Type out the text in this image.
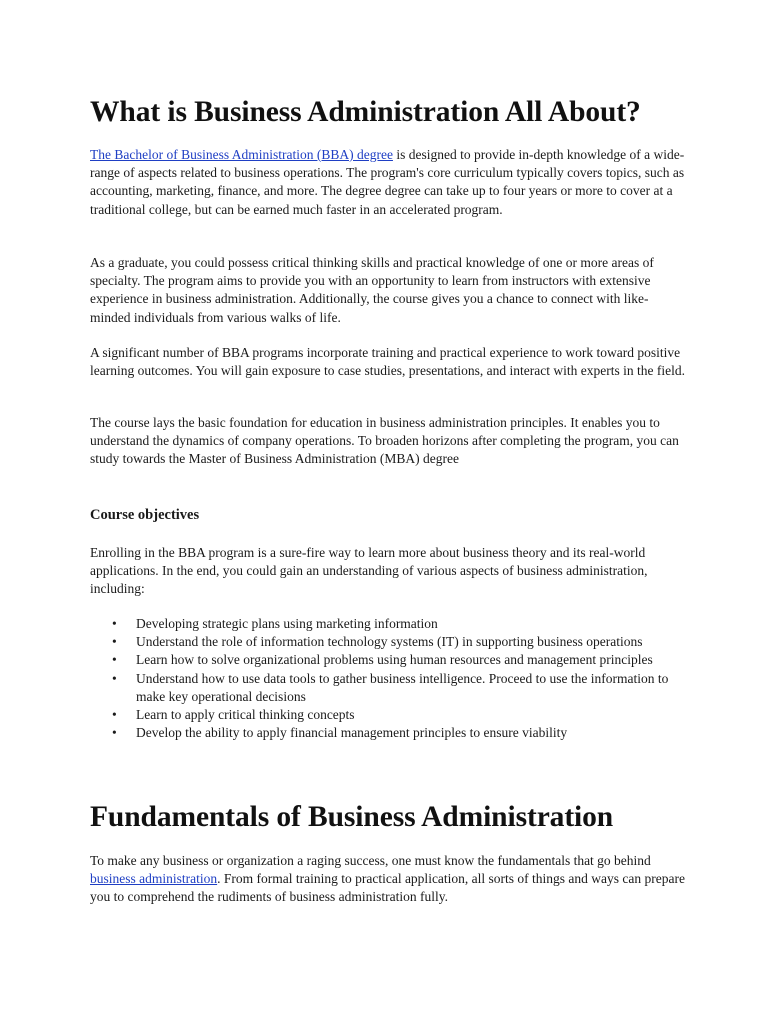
What is Business Administration All About?

The Bachelor of Business Administration (BBA) degree is designed to provide in-depth knowledge of a wide-range of aspects related to business operations. The program's core curriculum typically covers topics, such as accounting, marketing, finance, and more. The degree degree can take up to four years or more to cover at a traditional college, but can be earned much faster in an accelerated program.

As a graduate, you could possess critical thinking skills and practical knowledge of one or more areas of specialty. The program aims to provide you with an opportunity to learn from instructors with extensive experience in business administration. Additionally, the course gives you a chance to connect with like-minded individuals from various walks of life.

A significant number of BBA programs incorporate training and practical experience to work toward positive learning outcomes. You will gain exposure to case studies, presentations, and interact with experts in the field.

The course lays the basic foundation for education in business administration principles. It enables you to understand the dynamics of company operations. To broaden horizons after completing the program, you can study towards the Master of Business Administration (MBA) degree

Course objectives

Enrolling in the BBA program is a sure-fire way to learn more about business theory and its real-world applications. In the end, you could gain an understanding of various aspects of business administration, including:

• Developing strategic plans using marketing information
• Understand the role of information technology systems (IT) in supporting business operations
• Learn how to solve organizational problems using human resources and management principles
• Understand how to use data tools to gather business intelligence. Proceed to use the information to make key operational decisions
• Learn to apply critical thinking concepts
• Develop the ability to apply financial management principles to ensure viability
Fundamentals of Business Administration

To make any business or organization a raging success, one must know the fundamentals that go behind business administration. From formal training to practical application, all sorts of things and ways can prepare you to comprehend the rudiments of business administration fully.
